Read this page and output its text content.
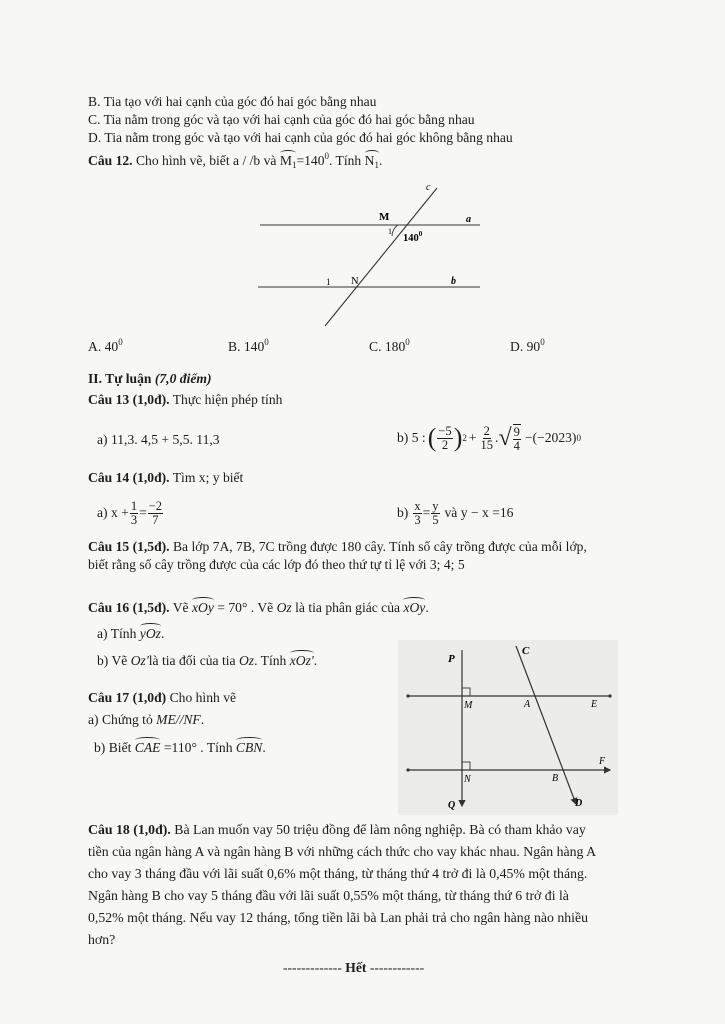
B. Tia tạo với hai cạnh của góc đó hai góc bằng nhau
C. Tia nằm trong góc và tạo với hai cạnh của góc đó hai góc bằng nhau
D. Tia nằm trong góc và tạo với hai cạnh của góc đó hai góc không bằng nhau
Câu 12. Cho hình vẽ, biết a / /b và $M_1=140^0$. Tính $N_1$.
c
M	a
1
$140^0$
1 N	b
A. $40^0$	B. $140^0$	C. $180^0$	D. $90^0$
II. Tự luận (7,0 điểm)
Câu 13 (1,0đ). Thực hiện phép tính
a) 11,3. 4,5 + 5,5. 11,3	b) 5 : ( $\frac{-5}{2}$ ) $2 + \frac{2}{15}$ . √ $\frac{9}{4} -(-2023)$ 0
Câu 14 (1,0đ). Tìm x; y biết
a) $x + \frac{1}{3} = \frac{-2}{7}$	$b) \frac{x}{3} = \frac{y}{5}$ và y − x =16
Câu 15 (1,5đ). Ba lớp 7A, 7B, 7C trồng được 180 cây. Tính số cây trồng được của mỗi lớp,
biết rằng số cây trồng được của các lớp đó theo thứ tự tỉ lệ với 3; 4; 5
Câu 16 (1,5đ). Vẽ xOy = 70° . Vẽ Oz là tia phân giác của xOy.
a) Tính yOz.
b) Vẽ Oz'là tia đối của tia Oz. Tính xOz'.
Câu 17 (1,0đ) Cho hình vẽ
a) Chứng tỏ ME//NF.
b) Biết CAE =110° . Tính CBN.
P
C
M	A	E
F
N	B
Q	D
Câu 18 (1,0đ). Bà Lan muốn vay 50 triệu đồng để làm nông nghiệp. Bà có tham khảo vay
tiền của ngân hàng A và ngân hàng B với những cách thức cho vay khác nhau. Ngân hàng A
cho vay 3 tháng đầu với lãi suất 0,6% một tháng, từ tháng thứ 4 trở đi là 0,45% một tháng.
Ngân hàng B cho vay 5 tháng đầu với lãi suất 0,55% một tháng, từ tháng thứ 6 trở đi là
0,52% một tháng. Nếu vay 12 tháng, tổng tiền lãi bà Lan phải trả cho ngân hàng nào nhiều
hơn?
------------- Hết ------------
